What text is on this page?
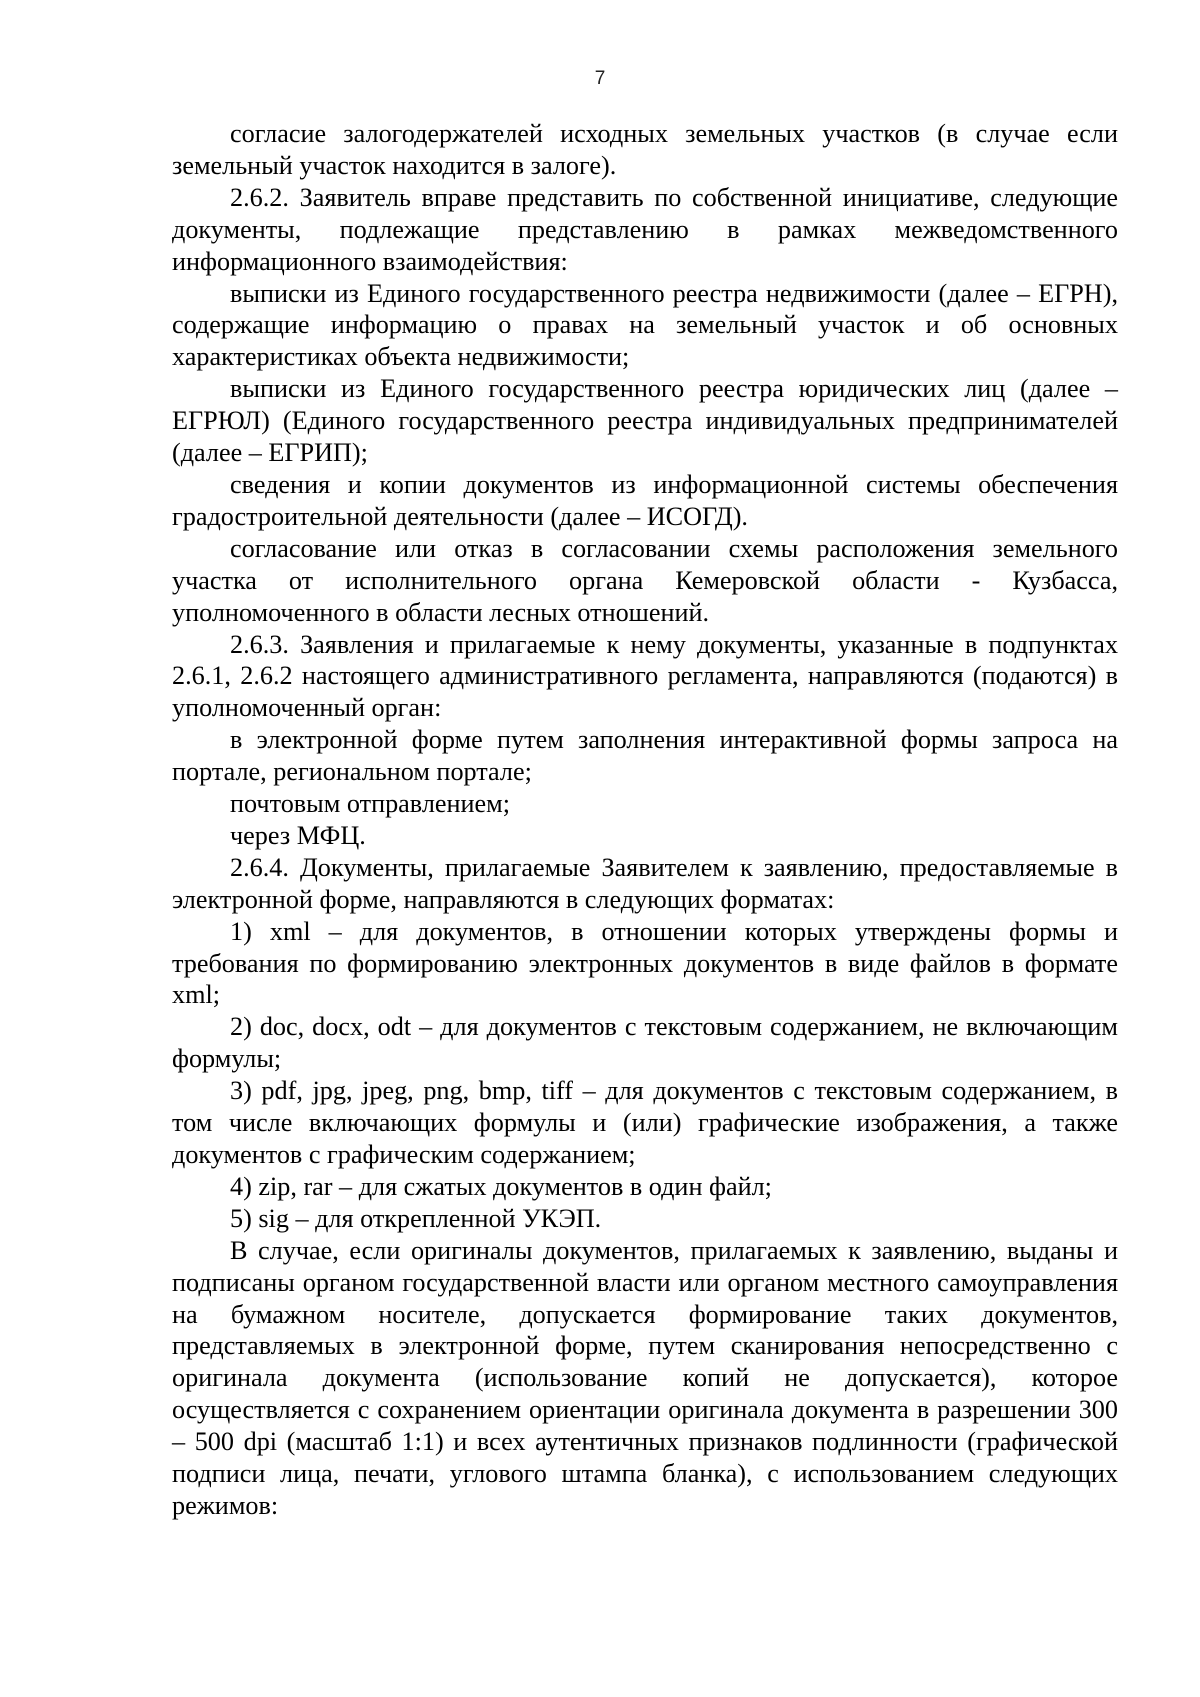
7

согласие залогодержателей исходных земельных участков (в случае если земельный участок находится в залоге).

2.6.2. Заявитель вправе представить по собственной инициативе, следующие документы, подлежащие представлению в рамках межведомственного информационного взаимодействия:

выписки из Единого государственного реестра недвижимости (далее – ЕГРН), содержащие информацию о правах на земельный участок и об основных характеристиках объекта недвижимости;

выписки из Единого государственного реестра юридических лиц (далее – ЕГРЮЛ) (Единого государственного реестра индивидуальных предпринимателей (далее – ЕГРИП);

сведения и копии документов из информационной системы обеспечения градостроительной деятельности (далее – ИСОГД).

согласование или отказ в согласовании схемы расположения земельного участка от исполнительного органа Кемеровской области - Кузбасса, уполномоченного в области лесных отношений.

2.6.3. Заявления и прилагаемые к нему документы, указанные в подпунктах 2.6.1, 2.6.2 настоящего административного регламента, направляются (подаются) в уполномоченный орган:

в электронной форме путем заполнения интерактивной формы запроса на портале, региональном портале;

почтовым отправлением;

через МФЦ.

2.6.4. Документы, прилагаемые Заявителем к заявлению, предоставляемые в электронной форме, направляются в следующих форматах:

1) xml – для документов, в отношении которых утверждены формы и требования по формированию электронных документов в виде файлов в формате xml;

2) doc, docx, odt – для документов с текстовым содержанием, не включающим формулы;

3) pdf, jpg, jpeg, png, bmp, tiff – для документов с текстовым содержанием, в том числе включающих формулы и (или) графические изображения, а также документов с графическим содержанием;

4) zip, rar – для сжатых документов в один файл;

5) sig – для открепленной УКЭП.

В случае, если оригиналы документов, прилагаемых к заявлению, выданы и подписаны органом государственной власти или органом местного самоуправления на бумажном носителе, допускается формирование таких документов, представляемых в электронной форме, путем сканирования непосредственно с оригинала документа (использование копий не допускается), которое осуществляется с сохранением ориентации оригинала документа в разрешении 300 – 500 dpi (масштаб 1:1) и всех аутентичных признаков подлинности (графической подписи лица, печати, углового штампа бланка), с использованием следующих режимов:
